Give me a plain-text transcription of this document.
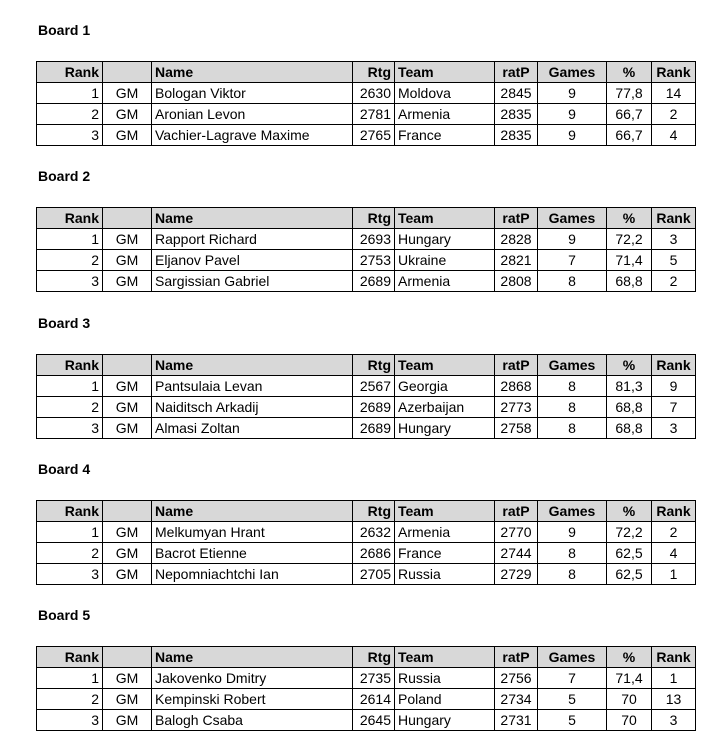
Board 1
Rank		Name	Rtg	Team	ratP	Games	%	Rank
1	GM	Bologan Viktor	2630	Moldova	2845	9	77,8	14
2	GM	Aronian Levon	2781	Armenia	2835	9	66,7	2
3	GM	Vachier-Lagrave Maxime	2765	France	2835	9	66,7	4
Board 2
Rank		Name	Rtg	Team	ratP	Games	%	Rank
1	GM	Rapport Richard	2693	Hungary	2828	9	72,2	3
2	GM	Eljanov Pavel	2753	Ukraine	2821	7	71,4	5
3	GM	Sargissian Gabriel	2689	Armenia	2808	8	68,8	2
Board 3
Rank		Name	Rtg	Team	ratP	Games	%	Rank
1	GM	Pantsulaia Levan	2567	Georgia	2868	8	81,3	9
2	GM	Naiditsch Arkadij	2689	Azerbaijan	2773	8	68,8	7
3	GM	Almasi Zoltan	2689	Hungary	2758	8	68,8	3
Board 4
Rank		Name	Rtg	Team	ratP	Games	%	Rank
1	GM	Melkumyan Hrant	2632	Armenia	2770	9	72,2	2
2	GM	Bacrot Etienne	2686	France	2744	8	62,5	4
3	GM	Nepomniachtchi Ian	2705	Russia	2729	8	62,5	1
Board 5
Rank		Name	Rtg	Team	ratP	Games	%	Rank
1	GM	Jakovenko Dmitry	2735	Russia	2756	7	71,4	1
2	GM	Kempinski Robert	2614	Poland	2734	5	70	13
3	GM	Balogh Csaba	2645	Hungary	2731	5	70	3
